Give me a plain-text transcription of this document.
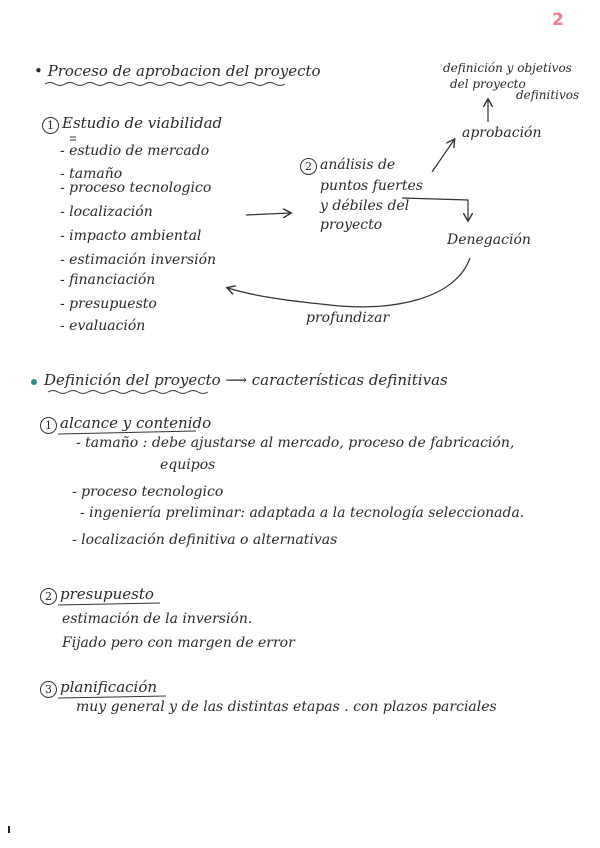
2
• Proceso de aprobacion del proyecto
1 Estudio de viabilidad
- estudio de mercado
- tamaño
- proceso tecnologico
- localización
- impacto ambiental
- estimación inversión
- financiación
- presupuesto
- evaluación
2 análisis de
puntos fuertes
y débiles del
proyecto
definición y objetivos
del proyecto
definitivos
aprobación
Denegación
profundizar
Definición del proyecto ⟶ características definitivas
1 alcance y contenido
- tamaño : debe ajustarse al mercado, proceso de fabricación,
equipos
- proceso tecnologico
- ingeniería preliminar: adaptada a la tecnología seleccionada.
- localización definitiva o alternativas
2 presupuesto
estimación de la inversión.
Fijado pero con margen de error
3 planificación
muy general y de las distintas etapas . con plazos parciales
